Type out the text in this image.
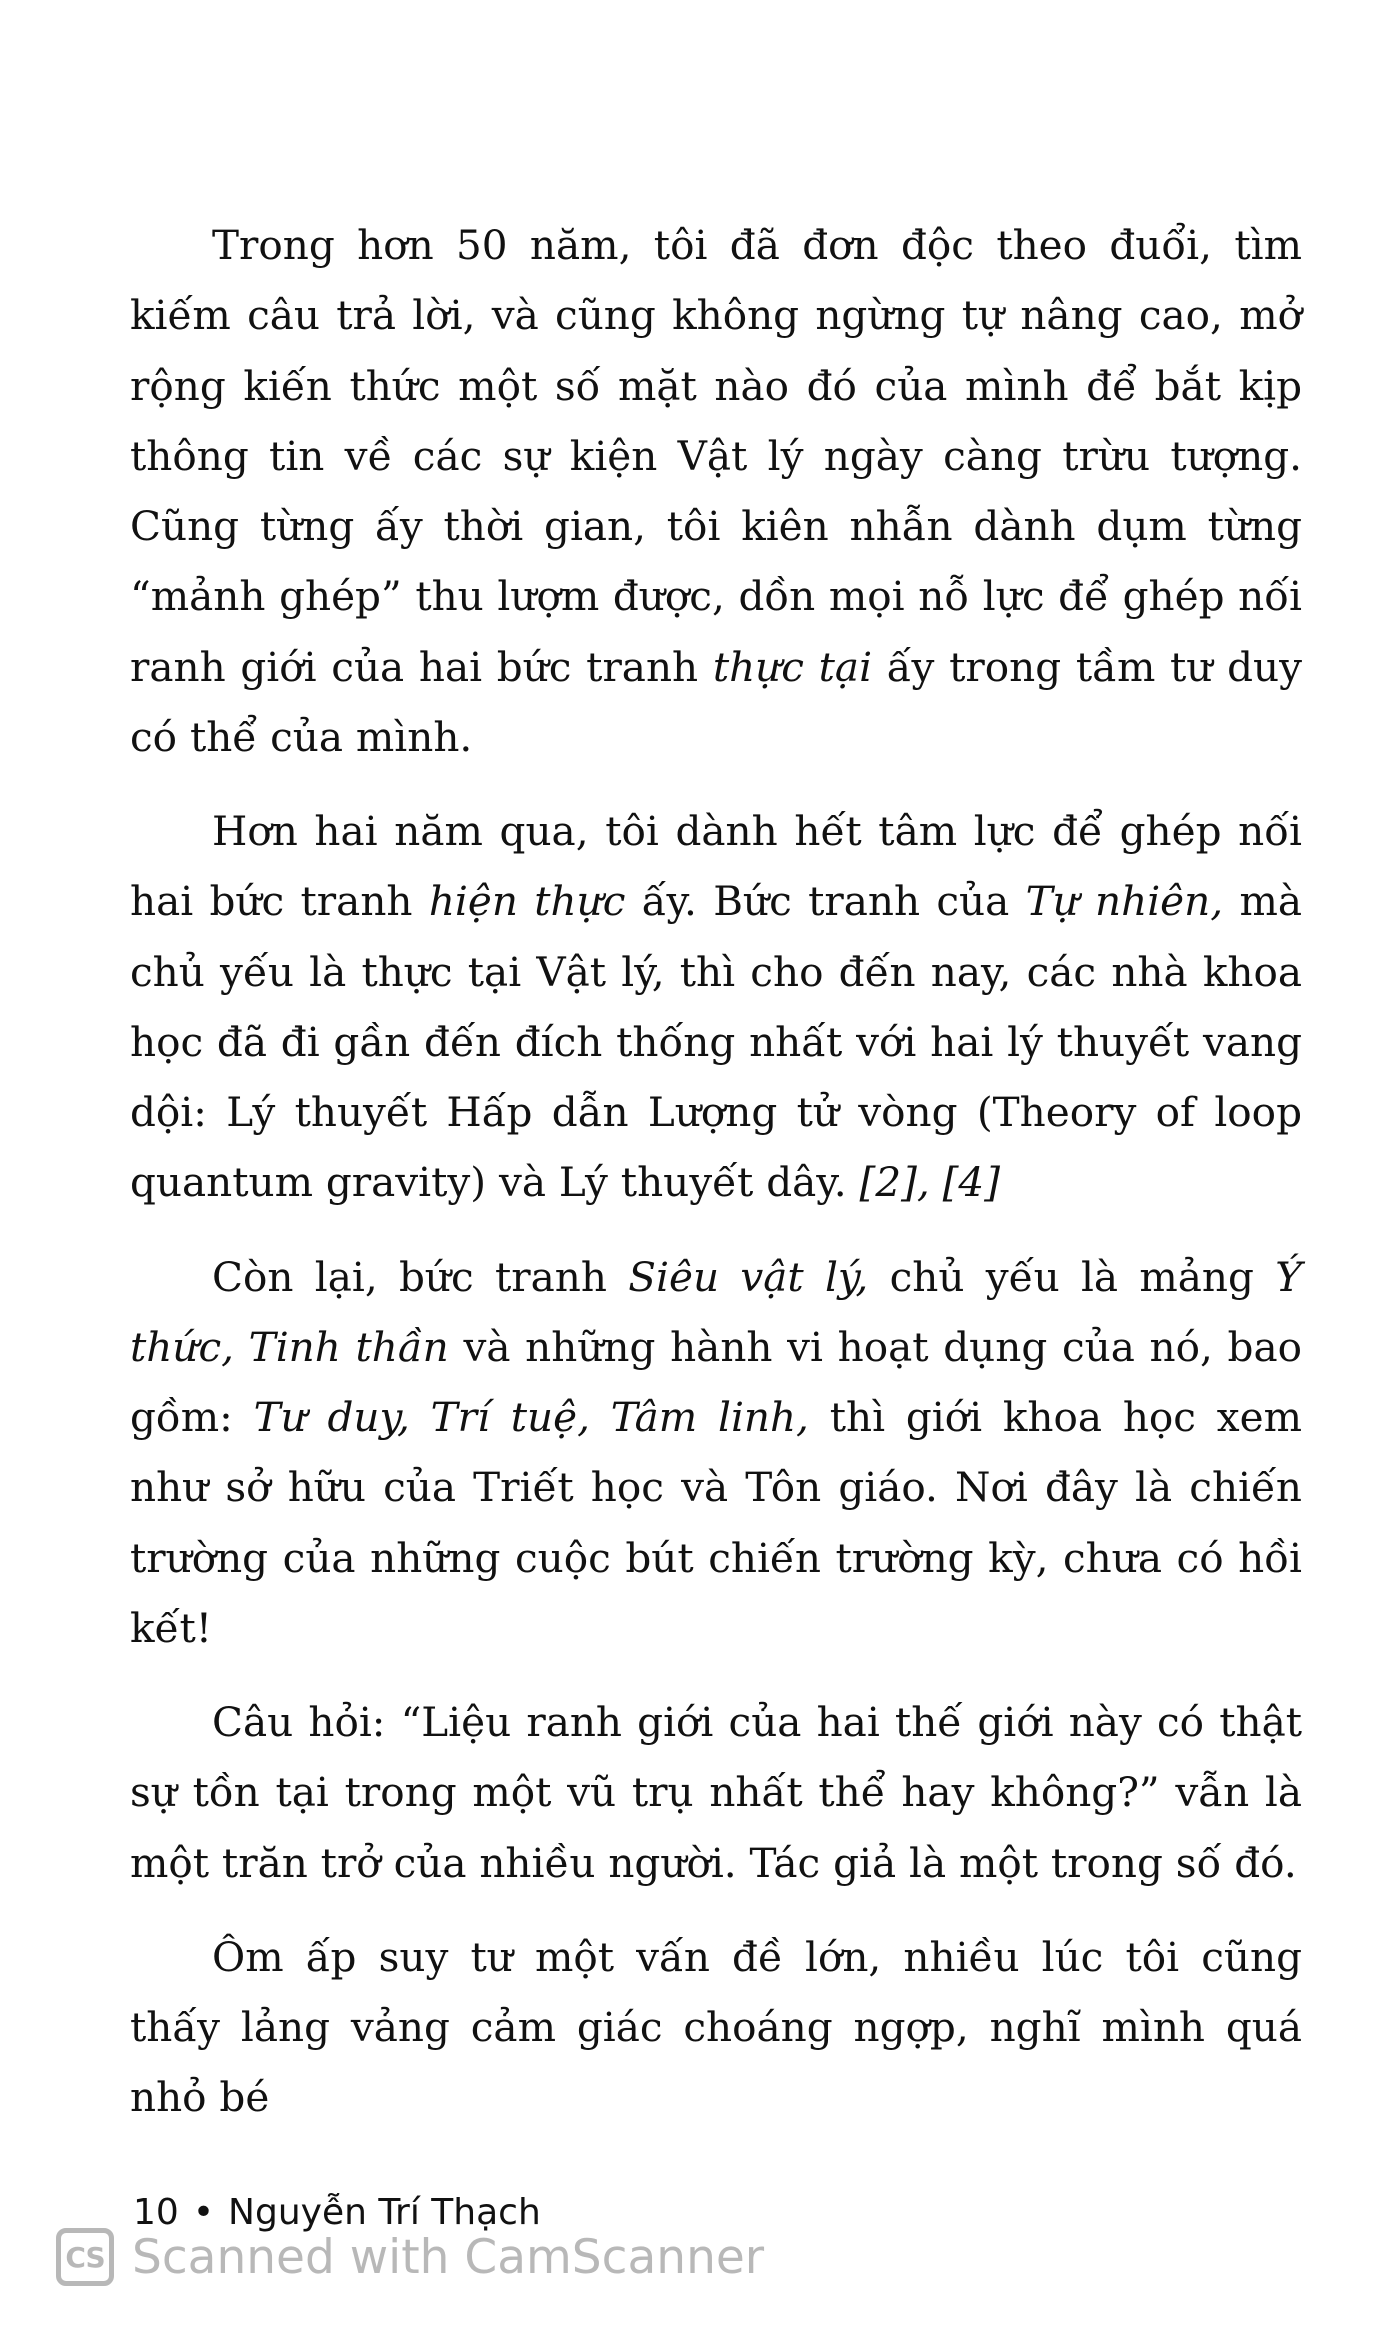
Trong hơn 50 năm, tôi đã đơn độc theo đuổi, tìm kiếm câu trả lời, và cũng không ngừng tự nâng cao, mở rộng kiến thức một số mặt nào đó của mình để bắt kịp thông tin về các sự kiện Vật lý ngày càng trừu tượng. Cũng từng ấy thời gian, tôi kiên nhẫn dành dụm từng “mảnh ghép” thu lượm được, dồn mọi nỗ lực để ghép nối ranh giới của hai bức tranh thực tại ấy trong tầm tư duy có thể của mình.

Hơn hai năm qua, tôi dành hết tâm lực để ghép nối hai bức tranh hiện thực ấy. Bức tranh của Tự nhiên, mà chủ yếu là thực tại Vật lý, thì cho đến nay, các nhà khoa học đã đi gần đến đích thống nhất với hai lý thuyết vang dội: Lý thuyết Hấp dẫn Lượng tử vòng (Theory of loop quantum gravity) và Lý thuyết dây. [2], [4]

Còn lại, bức tranh Siêu vật lý, chủ yếu là mảng Ý thức, Tinh thần và những hành vi hoạt dụng của nó, bao gồm: Tư duy, Trí tuệ, Tâm linh, thì giới khoa học xem như sở hữu của Triết học và Tôn giáo. Nơi đây là chiến trường của những cuộc bút chiến trường kỳ, chưa có hồi kết!

Câu hỏi: “Liệu ranh giới của hai thế giới này có thật sự tồn tại trong một vũ trụ nhất thể hay không?” vẫn là một trăn trở của nhiều người. Tác giả là một trong số đó.

Ôm ấp suy tư một vấn đề lớn, nhiều lúc tôi cũng thấy lảng vảng cảm giác choáng ngợp, nghĩ mình quá nhỏ bé

10 • Nguyễn Trí Thạch
CS Scanned with CamScanner
